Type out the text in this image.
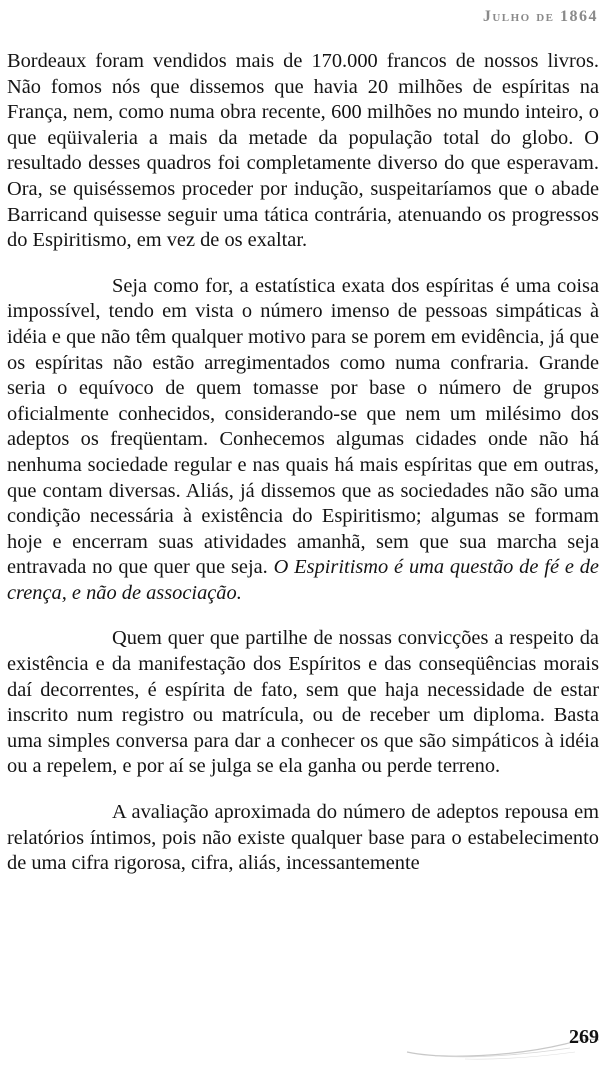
Julho de 1864

Bordeaux foram vendidos mais de 170.000 francos de nossos livros. Não fomos nós que dissemos que havia 20 milhões de espíritas na França, nem, como numa obra recente, 600 milhões no mundo inteiro, o que eqüivaleria a mais da metade da população total do globo. O resultado desses quadros foi completamente diverso do que esperavam. Ora, se quiséssemos proceder por indução, suspeitaríamos que o abade Barricand quisesse seguir uma tática contrária, atenuando os progressos do Espiritismo, em vez de os exaltar.

Seja como for, a estatística exata dos espíritas é uma coisa impossível, tendo em vista o número imenso de pessoas simpáticas à idéia e que não têm qualquer motivo para se porem em evidência, já que os espíritas não estão arregimentados como numa confraria. Grande seria o equívoco de quem tomasse por base o número de grupos oficialmente conhecidos, considerando-se que nem um milésimo dos adeptos os freqüentam. Conhecemos algumas cidades onde não há nenhuma sociedade regular e nas quais há mais espíritas que em outras, que contam diversas. Aliás, já dissemos que as sociedades não são uma condição necessária à existência do Espiritismo; algumas se formam hoje e encerram suas atividades amanhã, sem que sua marcha seja entravada no que quer que seja. O Espiritismo é uma questão de fé e de crença, e não de associação.

Quem quer que partilhe de nossas convicções a respeito da existência e da manifestação dos Espíritos e das conseqüências morais daí decorrentes, é espírita de fato, sem que haja necessidade de estar inscrito num registro ou matrícula, ou de receber um diploma. Basta uma simples conversa para dar a conhecer os que são simpáticos à idéia ou a repelem, e por aí se julga se ela ganha ou perde terreno.

A avaliação aproximada do número de adeptos repousa em relatórios íntimos, pois não existe qualquer base para o estabelecimento de uma cifra rigorosa, cifra, aliás, incessantemente

269
